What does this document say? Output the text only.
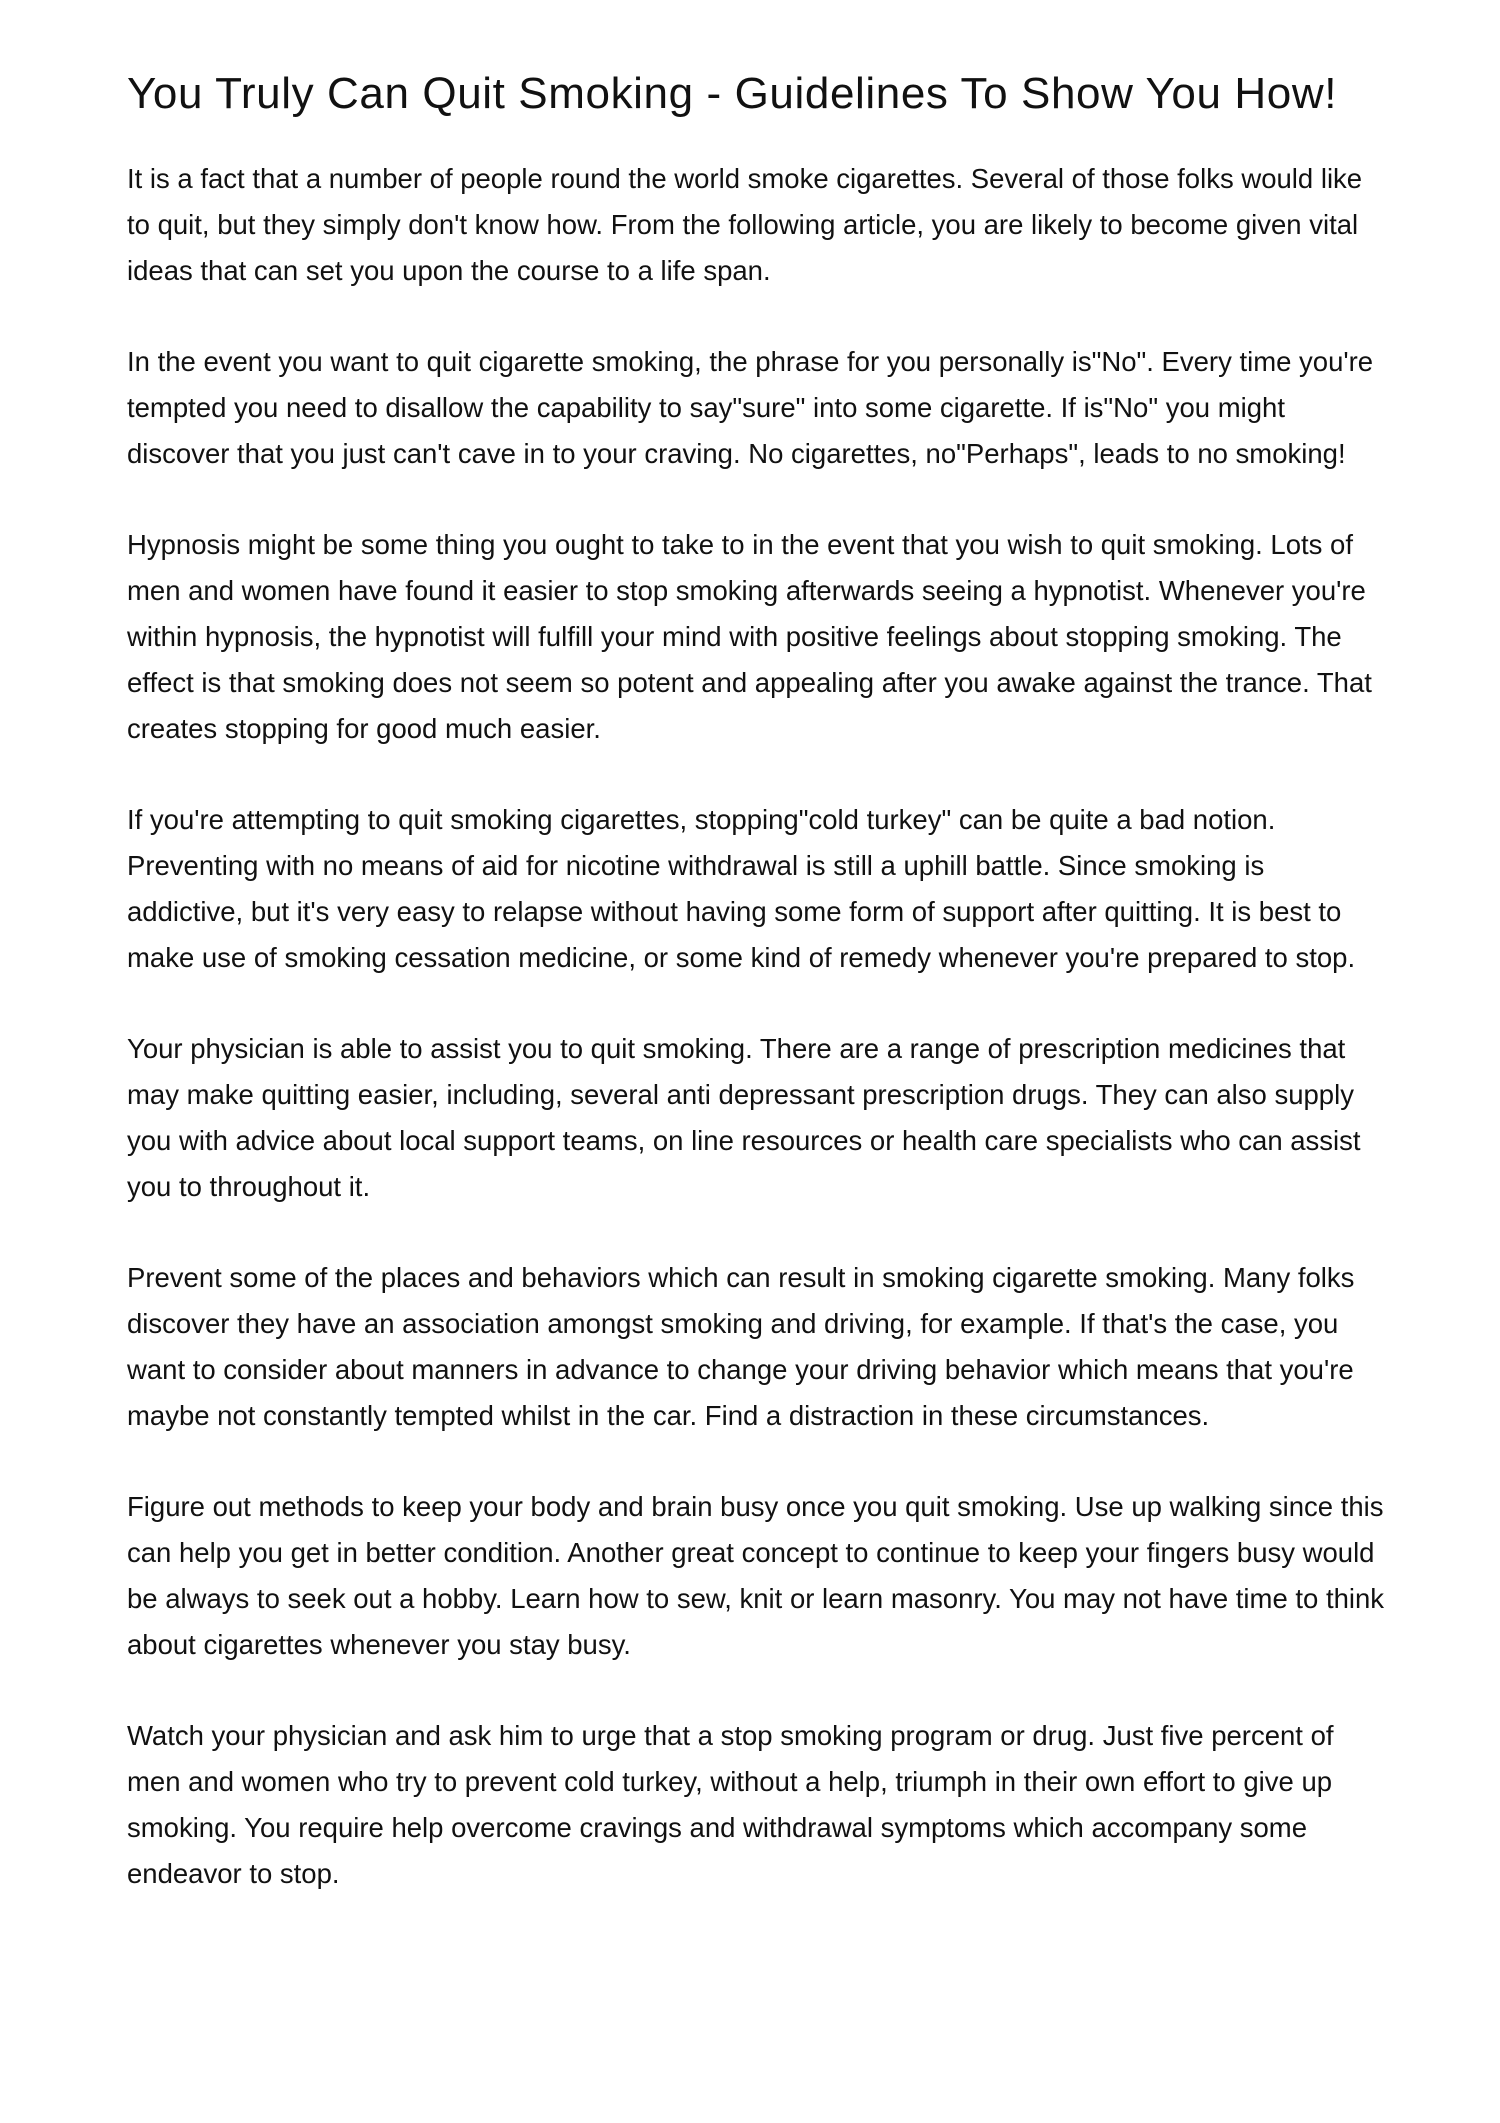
You Truly Can Quit Smoking - Guidelines To Show You How!

It is a fact that a number of people round the world smoke cigarettes. Several of those folks would like to quit, but they simply don't know how. From the following article, you are likely to become given vital ideas that can set you upon the course to a life span.

In the event you want to quit cigarette smoking, the phrase for you personally is"No". Every time you're tempted you need to disallow the capability to say"sure" into some cigarette. If is"No" you might discover that you just can't cave in to your craving. No cigarettes, no"Perhaps", leads to no smoking!

Hypnosis might be some thing you ought to take to in the event that you wish to quit smoking. Lots of men and women have found it easier to stop smoking afterwards seeing a hypnotist. Whenever you're within hypnosis, the hypnotist will fulfill your mind with positive feelings about stopping smoking. The effect is that smoking does not seem so potent and appealing after you awake against the trance. That creates stopping for good much easier.

If you're attempting to quit smoking cigarettes, stopping"cold turkey" can be quite a bad notion. Preventing with no means of aid for nicotine withdrawal is still a uphill battle. Since smoking is addictive, but it's very easy to relapse without having some form of support after quitting. It is best to make use of smoking cessation medicine, or some kind of remedy whenever you're prepared to stop.

Your physician is able to assist you to quit smoking. There are a range of prescription medicines that may make quitting easier, including, several anti depressant prescription drugs. They can also supply you with advice about local support teams, on line resources or health care specialists who can assist you to throughout it.

Prevent some of the places and behaviors which can result in smoking cigarette smoking. Many folks discover they have an association amongst smoking and driving, for example. If that's the case, you want to consider about manners in advance to change your driving behavior which means that you're maybe not constantly tempted whilst in the car. Find a distraction in these circumstances.

Figure out methods to keep your body and brain busy once you quit smoking. Use up walking since this can help you get in better condition. Another great concept to continue to keep your fingers busy would be always to seek out a hobby. Learn how to sew, knit or learn masonry. You may not have time to think about cigarettes whenever you stay busy.

Watch your physician and ask him to urge that a stop smoking program or drug. Just five percent of men and women who try to prevent cold turkey, without a help, triumph in their own effort to give up smoking. You require help overcome cravings and withdrawal symptoms which accompany some endeavor to stop.
